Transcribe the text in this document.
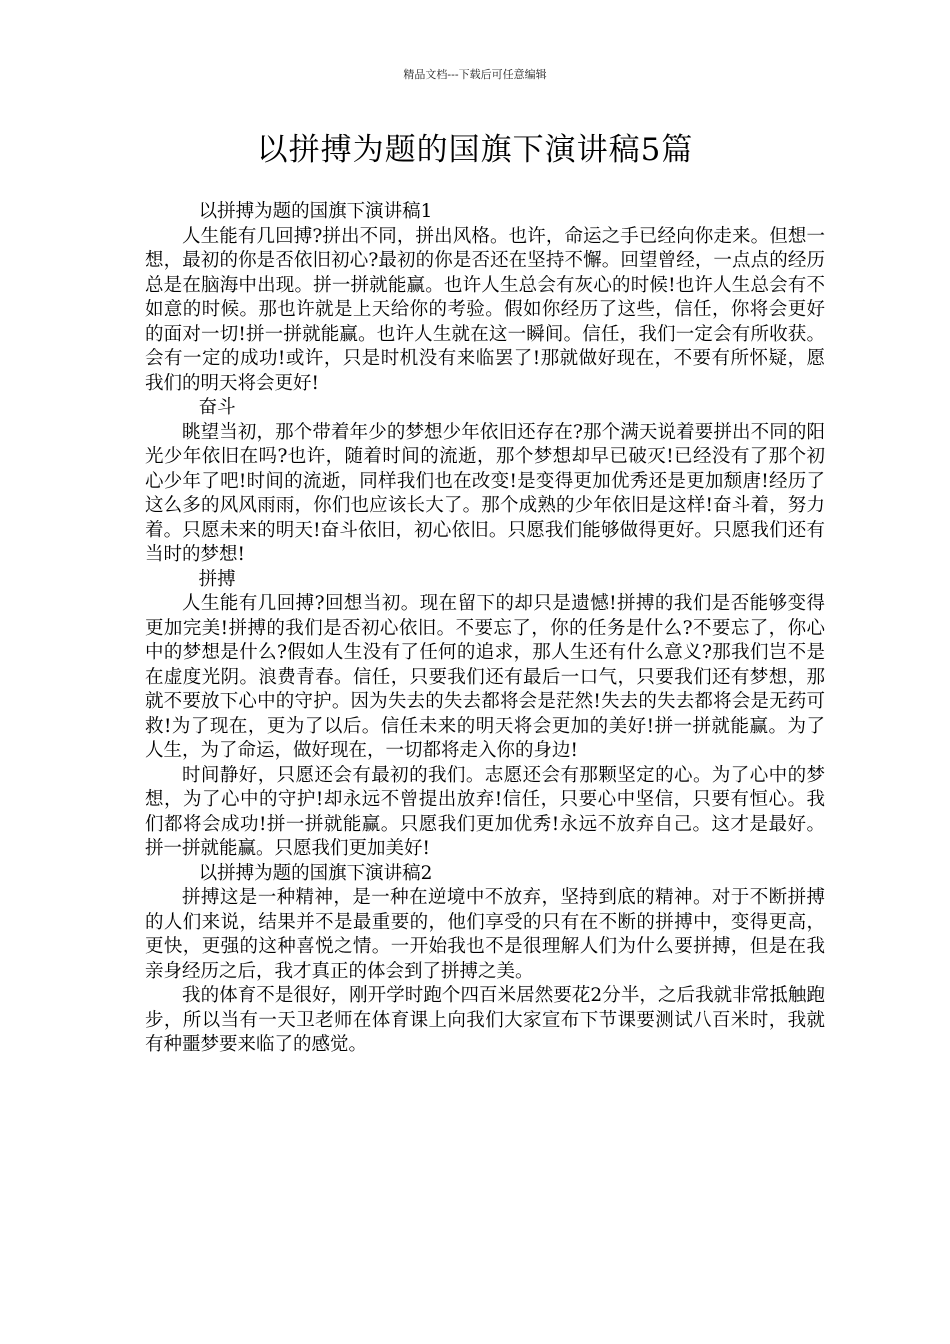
精品文档---下载后可任意编辑
以拼搏为题的国旗下演讲稿5篇

以拼搏为题的国旗下演讲稿1

人生能有几回搏?拼出不同，拼出风格。也许，命运之手已经向你走来。但想一想，最初的你是否依旧初心?最初的你是否还在坚持不懈。回望曾经，一点点的经历总是在脑海中出现。拼一拼就能赢。也许人生总会有灰心的时候!也许人生总会有不如意的时候。那也许就是上天给你的考验。假如你经历了这些，信任，你将会更好的面对一切!拼一拼就能赢。也许人生就在这一瞬间。信任，我们一定会有所收获。会有一定的成功!或许，只是时机没有来临罢了!那就做好现在，不要有所怀疑，愿我们的明天将会更好!

奋斗

眺望当初，那个带着年少的梦想少年依旧还存在?那个满天说着要拼出不同的阳光少年依旧在吗?也许，随着时间的流逝，那个梦想却早已破灭!已经没有了那个初心少年了吧!时间的流逝，同样我们也在改变!是变得更加优秀还是更加颓唐!经历了这么多的风风雨雨，你们也应该长大了。那个成熟的少年依旧是这样!奋斗着，努力着。只愿未来的明天!奋斗依旧，初心依旧。只愿我们能够做得更好。只愿我们还有当时的梦想!

拼搏

人生能有几回搏?回想当初。现在留下的却只是遗憾!拼搏的我们是否能够变得更加完美!拼搏的我们是否初心依旧。不要忘了，你的任务是什么?不要忘了，你心中的梦想是什么?假如人生没有了任何的追求，那人生还有什么意义?那我们岂不是在虚度光阴。浪费青春。信任，只要我们还有最后一口气，只要我们还有梦想，那就不要放下心中的守护。因为失去的失去都将会是茫然!失去的失去都将会是无药可救!为了现在，更为了以后。信任未来的明天将会更加的美好!拼一拼就能赢。为了人生，为了命运，做好现在，一切都将走入你的身边!

时间静好，只愿还会有最初的我们。志愿还会有那颗坚定的心。为了心中的梦想，为了心中的守护!却永远不曾提出放弃!信任，只要心中坚信，只要有恒心。我们都将会成功!拼一拼就能赢。只愿我们更加优秀!永远不放弃自己。这才是最好。拼一拼就能赢。只愿我们更加美好!

以拼搏为题的国旗下演讲稿2

拼搏这是一种精神，是一种在逆境中不放弃，坚持到底的精神。对于不断拼搏的人们来说，结果并不是最重要的，他们享受的只有在不断的拼搏中，变得更高，更快，更强的这种喜悦之情。一开始我也不是很理解人们为什么要拼搏，但是在我亲身经历之后，我才真正的体会到了拼搏之美。

我的体育不是很好，刚开学时跑个四百米居然要花2分半，之后我就非常抵触跑步，所以当有一天卫老师在体育课上向我们大家宣布下节课要测试八百米时，我就有种噩梦要来临了的感觉。
